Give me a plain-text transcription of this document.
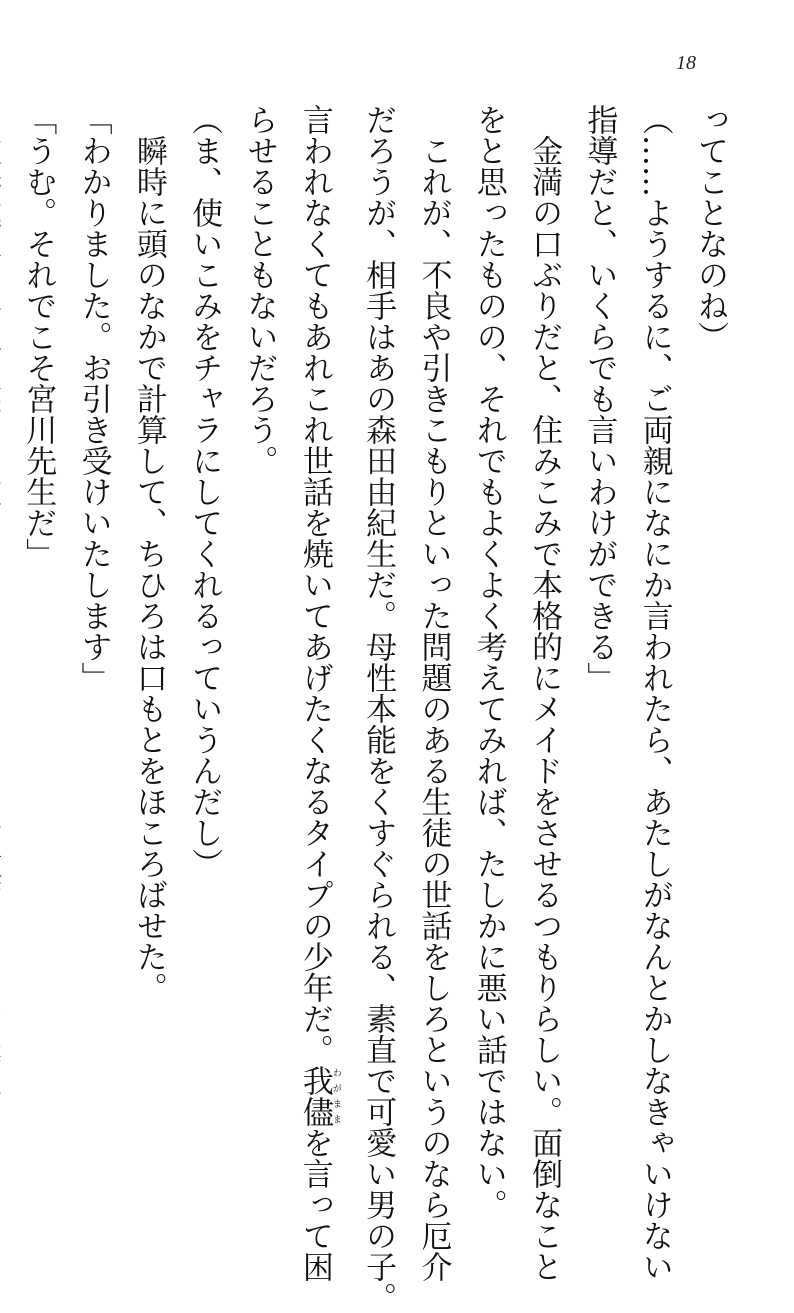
18
ってことなのね）
（……ようするに、ご両親になにか言われたら、あたしがなんとかしなきゃいけない
指導だと、いくらでも言いわけができる」
　金満の口ぶりだと、住みこみで本格的にメイドをさせるつもりらしい。面倒なこと
をと思ったものの、それでもよくよく考えてみれば、たしかに悪い話ではない。
　これが、不良や引きこもりといった問題のある生徒の世話をしろというのなら厄介
だろうが、相手はあの森田由紀生だ。母性本能をくすぐられる、素直で可愛い男の子。
言われなくてもあれこれ世話を焼いてあげたくなるタイプの少年だ。我儘わがままを言って困
らせることもないだろう。
（ま、使いこみをチャラにしてくれるっていうんだし）
　瞬時に頭のなかで計算して、ちひろは口もとをほころばせた。
「わかりました。お引き受けいたします」
「うむ。それでこそ宮川先生だ」
